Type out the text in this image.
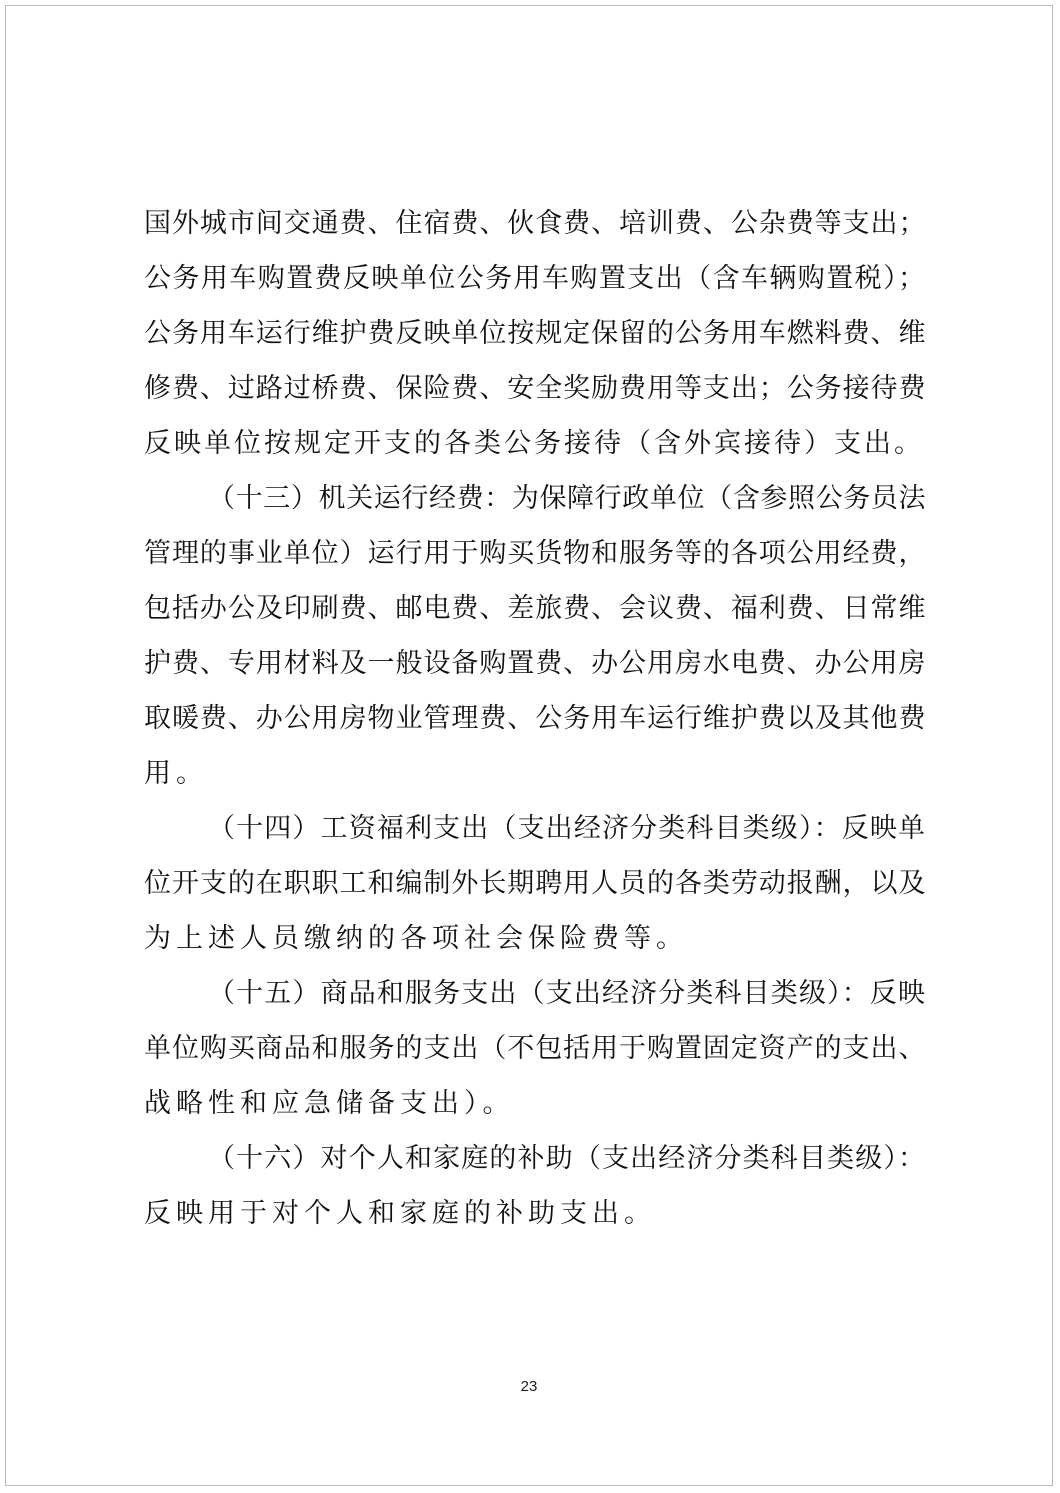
国外城市间交通费、住宿费、伙食费、培训费、公杂费等支出；
公务用车购置费反映单位公务用车购置支出（含车辆购置税）；
公务用车运行维护费反映单位按规定保留的公务用车燃料费、维
修费、过路过桥费、保险费、安全奖励费用等支出；公务接待费
反映单位按规定开支的各类公务接待（含外宾接待）支出。
（十三）机关运行经费：为保障行政单位（含参照公务员法
管理的事业单位）运行用于购买货物和服务等的各项公用经费，
包括办公及印刷费、邮电费、差旅费、会议费、福利费、日常维
护费、专用材料及一般设备购置费、办公用房水电费、办公用房
取暖费、办公用房物业管理费、公务用车运行维护费以及其他费
用。
（十四）工资福利支出（支出经济分类科目类级）：反映单
位开支的在职职工和编制外长期聘用人员的各类劳动报酬，以及
为上述人员缴纳的各项社会保险费等。
（十五）商品和服务支出（支出经济分类科目类级）：反映
单位购买商品和服务的支出（不包括用于购置固定资产的支出、
战略性和应急储备支出）。
（十六）对个人和家庭的补助（支出经济分类科目类级）：
反映用于对个人和家庭的补助支出。
23
